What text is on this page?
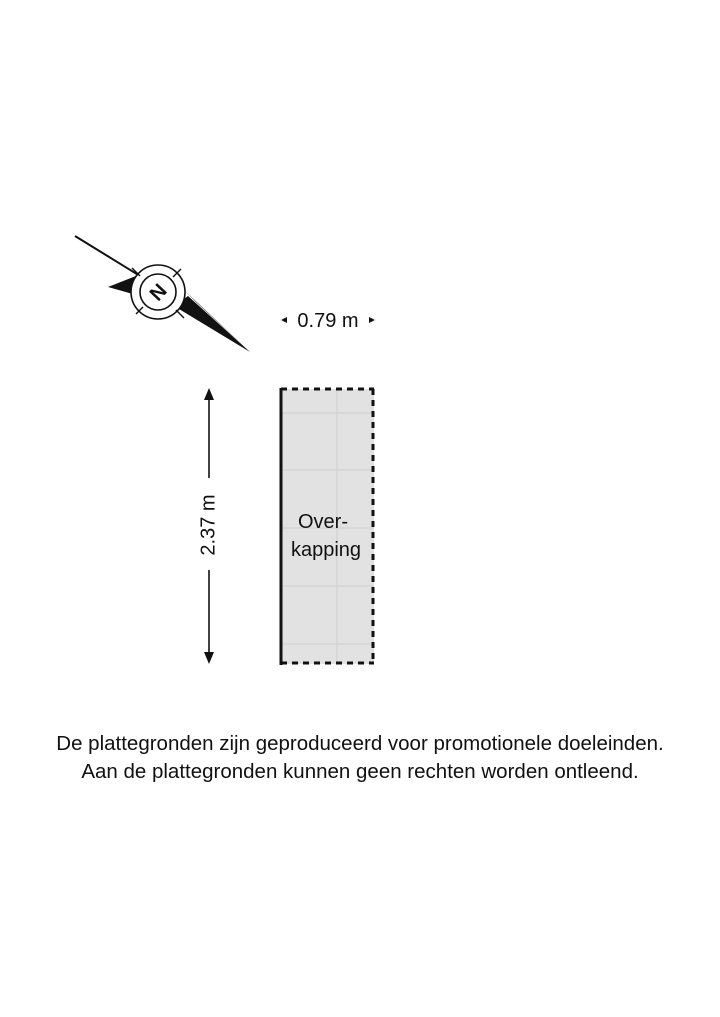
N
0.79 m
2.37 m	Over-
kapping
De plattegronden zijn geproduceerd voor promotionele doeleinden.
Aan de plattegronden kunnen geen rechten worden ontleend.
